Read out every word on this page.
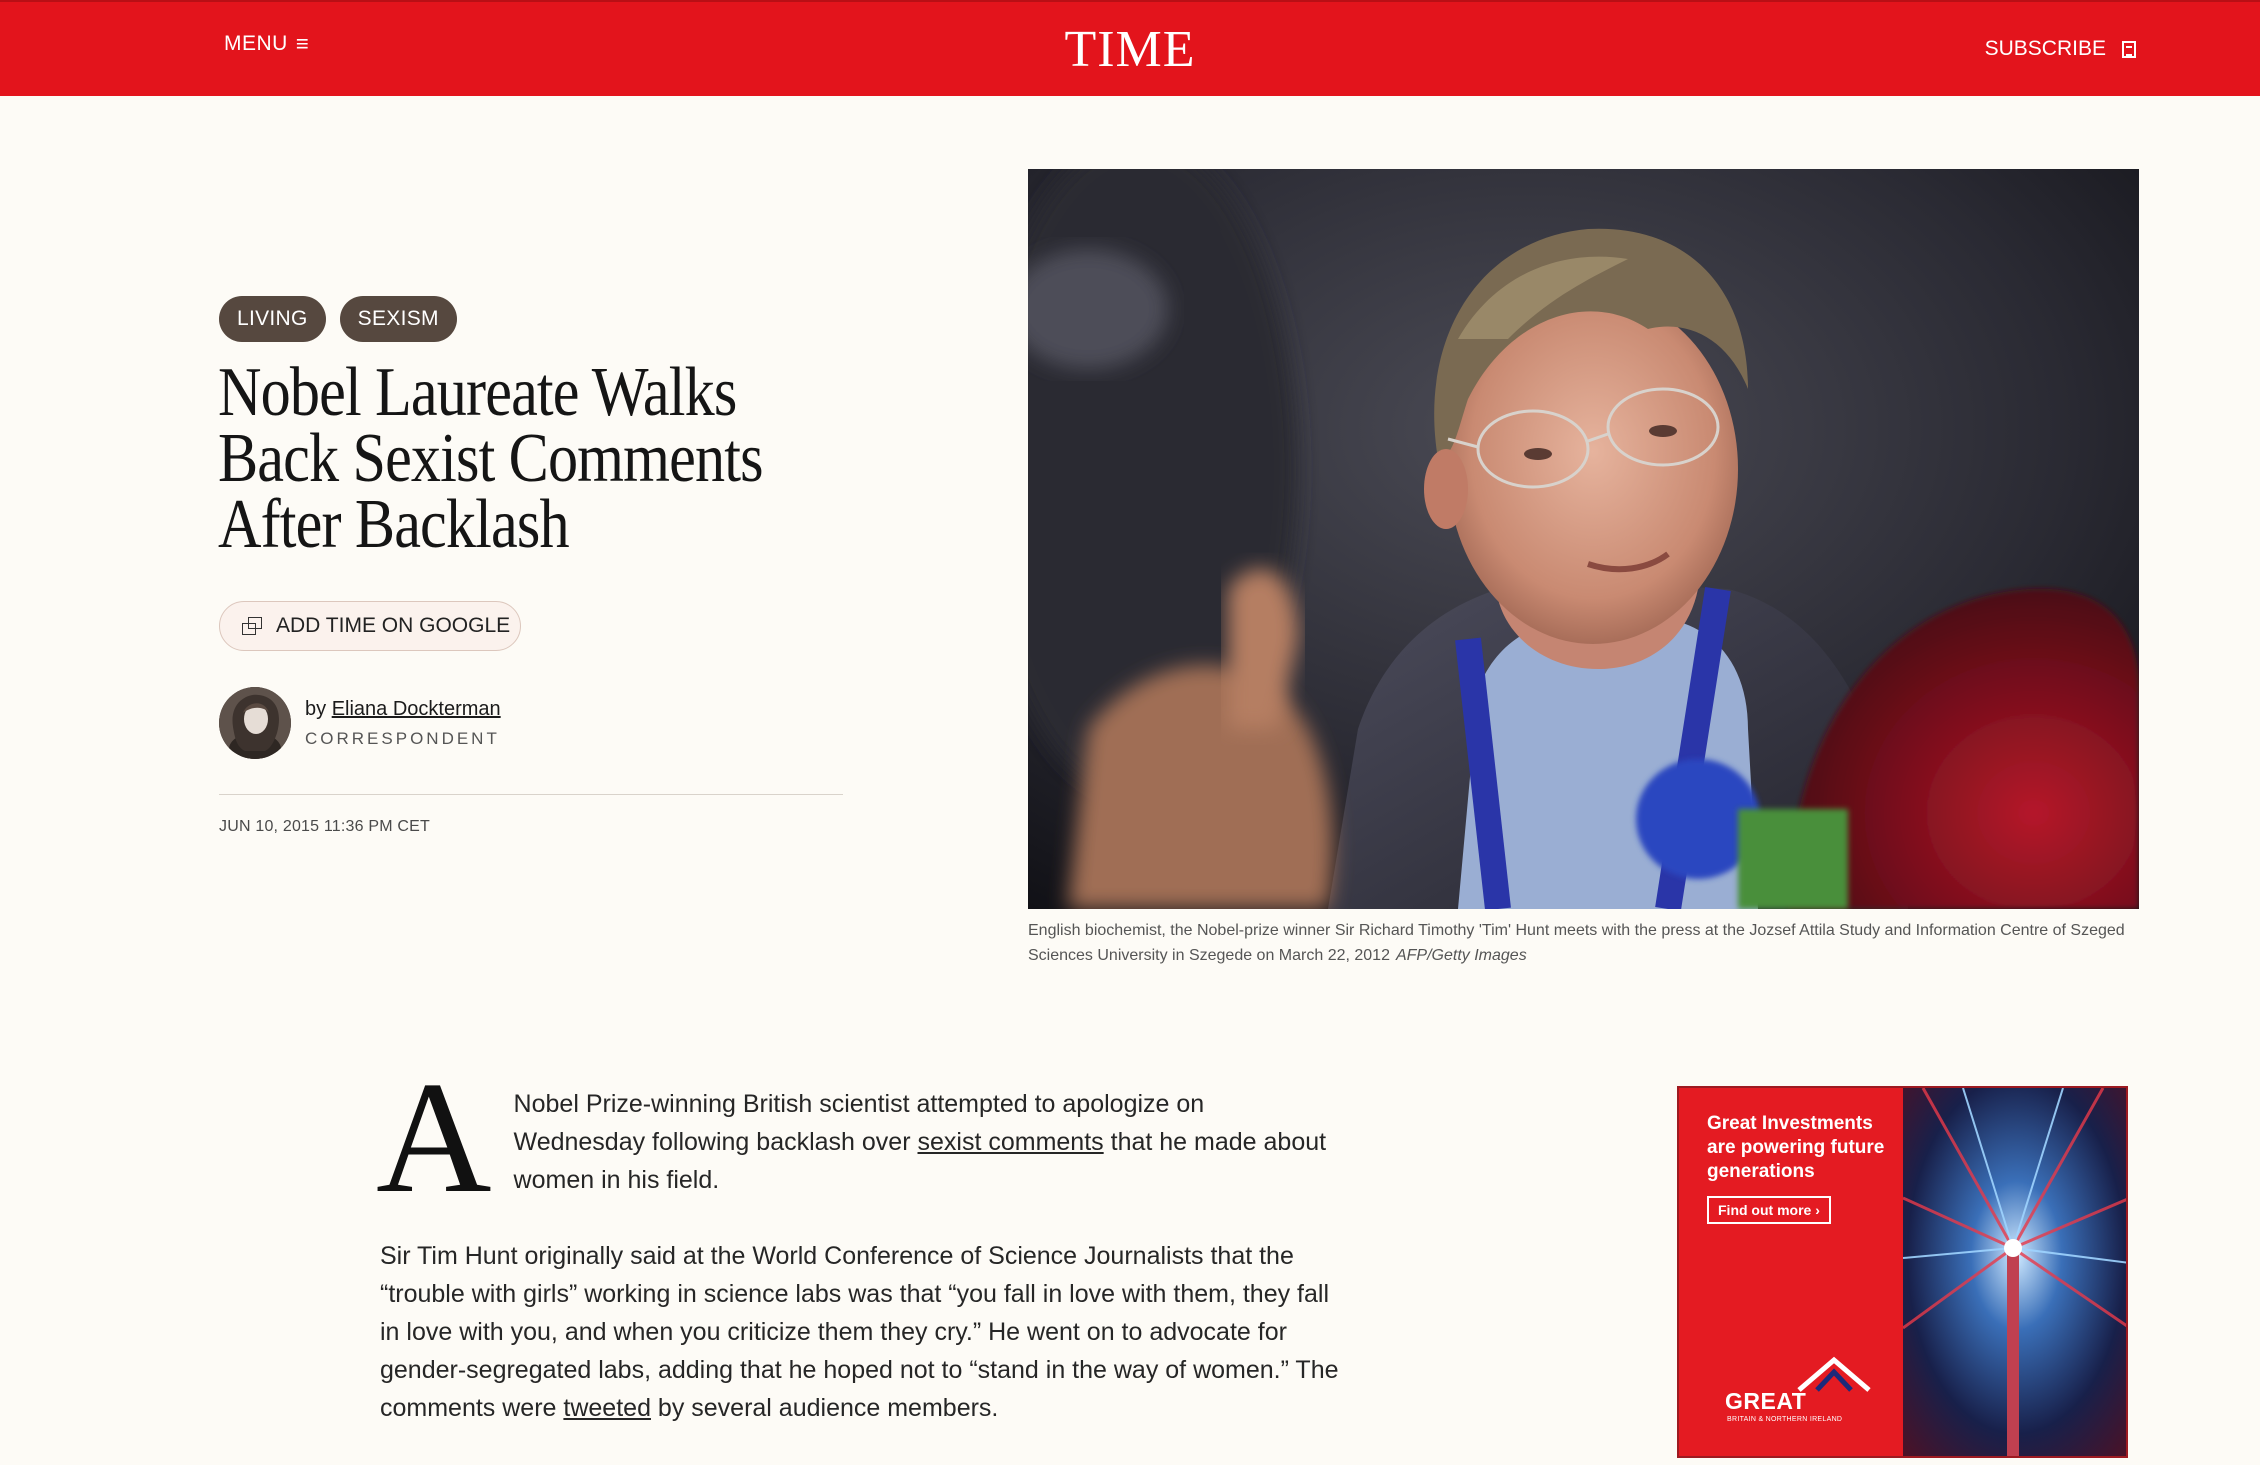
MENU ≡	TIME	SUBSCRIBE
LIVING	SEXISM
Nobel Laureate Walks
Back Sexist Comments
After Backlash
ADD TIME ON GOOGLE
by Eliana Dockterman
CORRESPONDENT
JUN 10, 2015 11:36 PM CET
English biochemist, the Nobel-prize winner Sir Richard Timothy 'Tim' Hunt meets with the press at the Jozsef Attila Study and Information Centre of Szeged Sciences University in Szegede on March 22, 2012 AFP/Getty Images
A Nobel Prize-winning British scientist attempted to apologize on Wednesday following backlash over sexist comments that he made about women in his field.

Sir Tim Hunt originally said at the World Conference of Science Journalists that the “trouble with girls” working in science labs was that “you fall in love with them, they fall in love with you, and when you criticize them they cry.” He went on to advocate for gender-segregated labs, adding that he hoped not to “stand in the way of women.” The comments were tweeted by several audience members.

Great Investments are powering future generations
Find out more ›
GREAT
BRITAIN & NORTHERN IRELAND
